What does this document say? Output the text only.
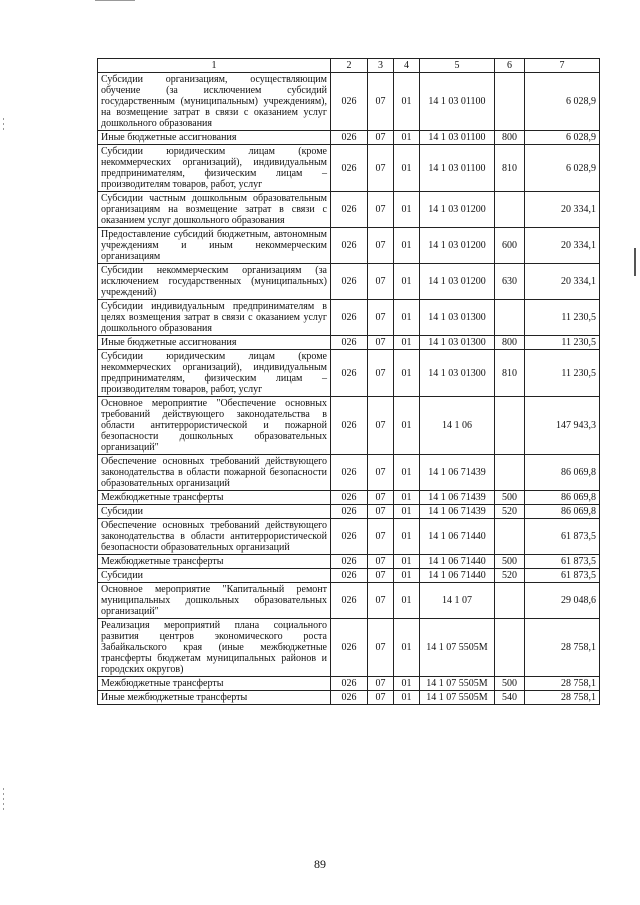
1	2	3	4	5	6	7
Субсидии организациям, осуществляющим обучение (за исключением субсидий государственным (муниципальным) учреждениям), на возмещение затрат в связи с оказанием услуг дошкольного образования	026	07	01	14 1 03 01100		6 028,9
Иные бюджетные ассигнования	026	07	01	14 1 03 01100	800	6 028,9
Субсидии юридическим лицам (кроме некоммерческих организаций), индивидуальным предпринимателям, физическим лицам – производителям товаров, работ, услуг	026	07	01	14 1 03 01100	810	6 028,9
Субсидии частным дошкольным образовательным организациям на возмещение затрат в связи с оказанием услуг дошкольного образования	026	07	01	14 1 03 01200		20 334,1
Предоставление субсидий бюджетным, автономным учреждениям и иным некоммерческим организациям	026	07	01	14 1 03 01200	600	20 334,1
Субсидии некоммерческим организациям (за исключением государственных (муниципальных) учреждений)	026	07	01	14 1 03 01200	630	20 334,1
Субсидии индивидуальным предпринимателям в целях возмещения затрат в связи с оказанием услуг дошкольного образования	026	07	01	14 1 03 01300		11 230,5
Иные бюджетные ассигнования	026	07	01	14 1 03 01300	800	11 230,5
Субсидии юридическим лицам (кроме некоммерческих организаций), индивидуальным предпринимателям, физическим лицам – производителям товаров, работ, услуг	026	07	01	14 1 03 01300	810	11 230,5
Основное мероприятие "Обеспечение основных требований действующего законодательства в области антитеррористической и пожарной безопасности дошкольных образовательных организаций"	026	07	01	14 1 06		147 943,3
Обеспечение основных требований действующего законодательства в области пожарной безопасности образовательных организаций	026	07	01	14 1 06 71439		86 069,8
Межбюджетные трансферты	026	07	01	14 1 06 71439	500	86 069,8
Субсидии	026	07	01	14 1 06 71439	520	86 069,8
Обеспечение основных требований действующего законодательства в области антитеррористической безопасности образовательных организаций	026	07	01	14 1 06 71440		61 873,5
Межбюджетные трансферты	026	07	01	14 1 06 71440	500	61 873,5
Субсидии	026	07	01	14 1 06 71440	520	61 873,5
Основное мероприятие "Капитальный ремонт муниципальных дошкольных образовательных организаций"	026	07	01	14 1 07		29 048,6
Реализация мероприятий плана социального развития центров экономического роста Забайкальского края (иные межбюджетные трансферты бюджетам муниципальных районов и городских округов)	026	07	01	14 1 07 5505М		28 758,1
Межбюджетные трансферты	026	07	01	14 1 07 5505М	500	28 758,1
Иные межбюджетные трансферты	026	07	01	14 1 07 5505М	540	28 758,1
89
